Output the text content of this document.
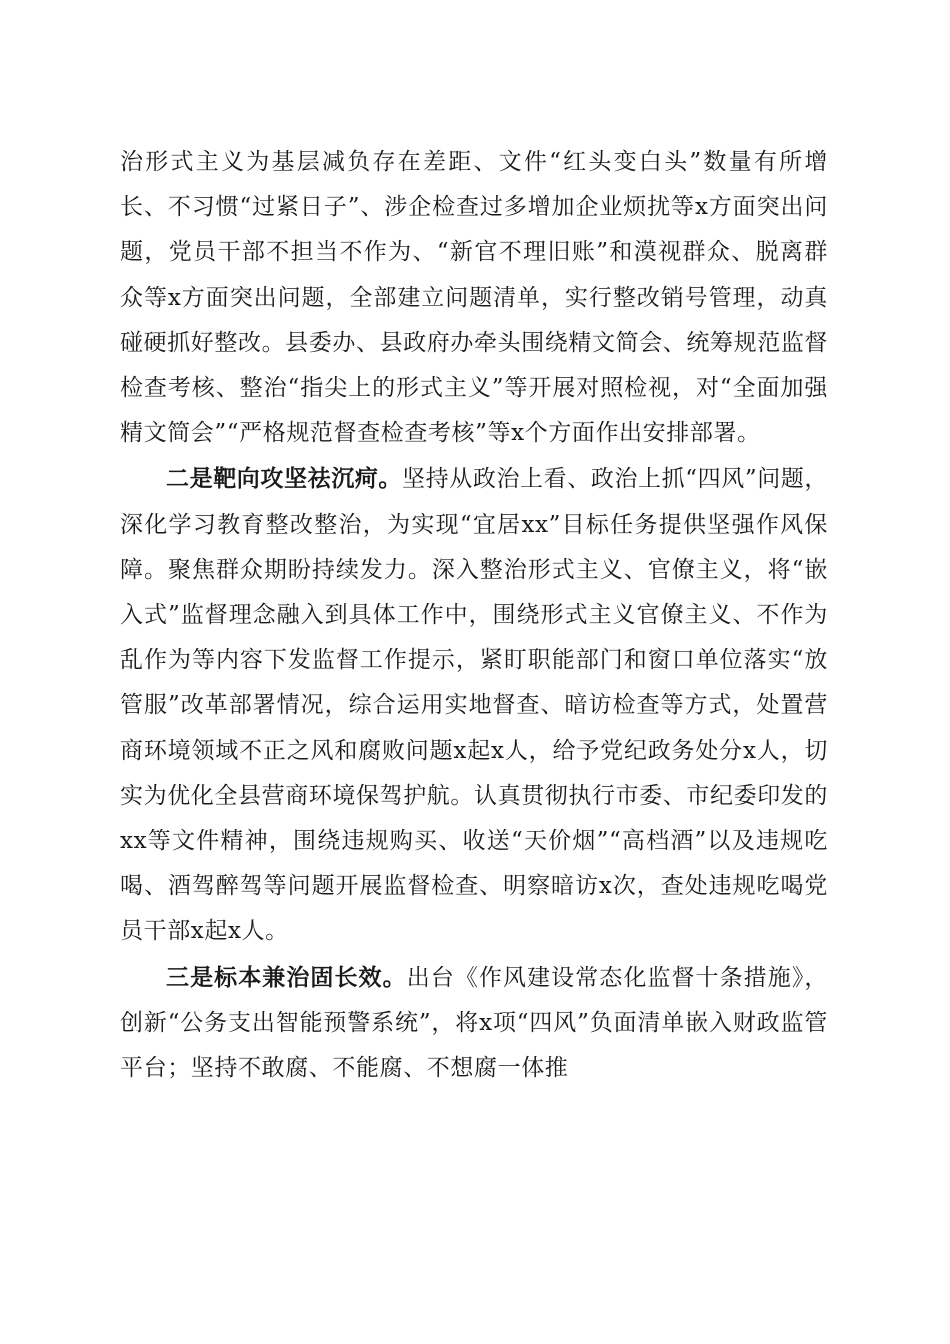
治形式主义为基层减负存在差距、文件“红头变白头”数量有所增长、不习惯“过紧日子”、涉企检查过多增加企业烦扰等x方面突出问题，党员干部不担当不作为、“新官不理旧账”和漠视群众、脱离群众等x方面突出问题，全部建立问题清单，实行整改销号管理，动真碰硬抓好整改。县委办、县政府办牵头围绕精文简会、统筹规范监督检查考核、整治“指尖上的形式主义”等开展对照检视，对“全面加强精文简会”“严格规范督查检查考核”等x个方面作出安排部署。

二是靶向攻坚祛沉疴。坚持从政治上看、政治上抓“四风”问题，深化学习教育整改整治，为实现“宜居xx”目标任务提供坚强作风保障。聚焦群众期盼持续发力。深入整治形式主义、官僚主义，将“嵌入式”监督理念融入到具体工作中，围绕形式主义官僚主义、不作为乱作为等内容下发监督工作提示，紧盯职能部门和窗口单位落实“放管服”改革部署情况，综合运用实地督查、暗访检查等方式，处置营商环境领域不正之风和腐败问题x起x人，给予党纪政务处分x人，切实为优化全县营商环境保驾护航。认真贯彻执行市委、市纪委印发的xx等文件精神，围绕违规购买、收送“天价烟”“高档酒”以及违规吃喝、酒驾醉驾等问题开展监督检查、明察暗访x次，查处违规吃喝党员干部x起x人。

三是标本兼治固长效。出台《作风建设常态化监督十条措施》，创新“公务支出智能预警系统”，将x项“四风”负面清单嵌入财政监管平台；坚持不敢腐、不能腐、不想腐一体推
